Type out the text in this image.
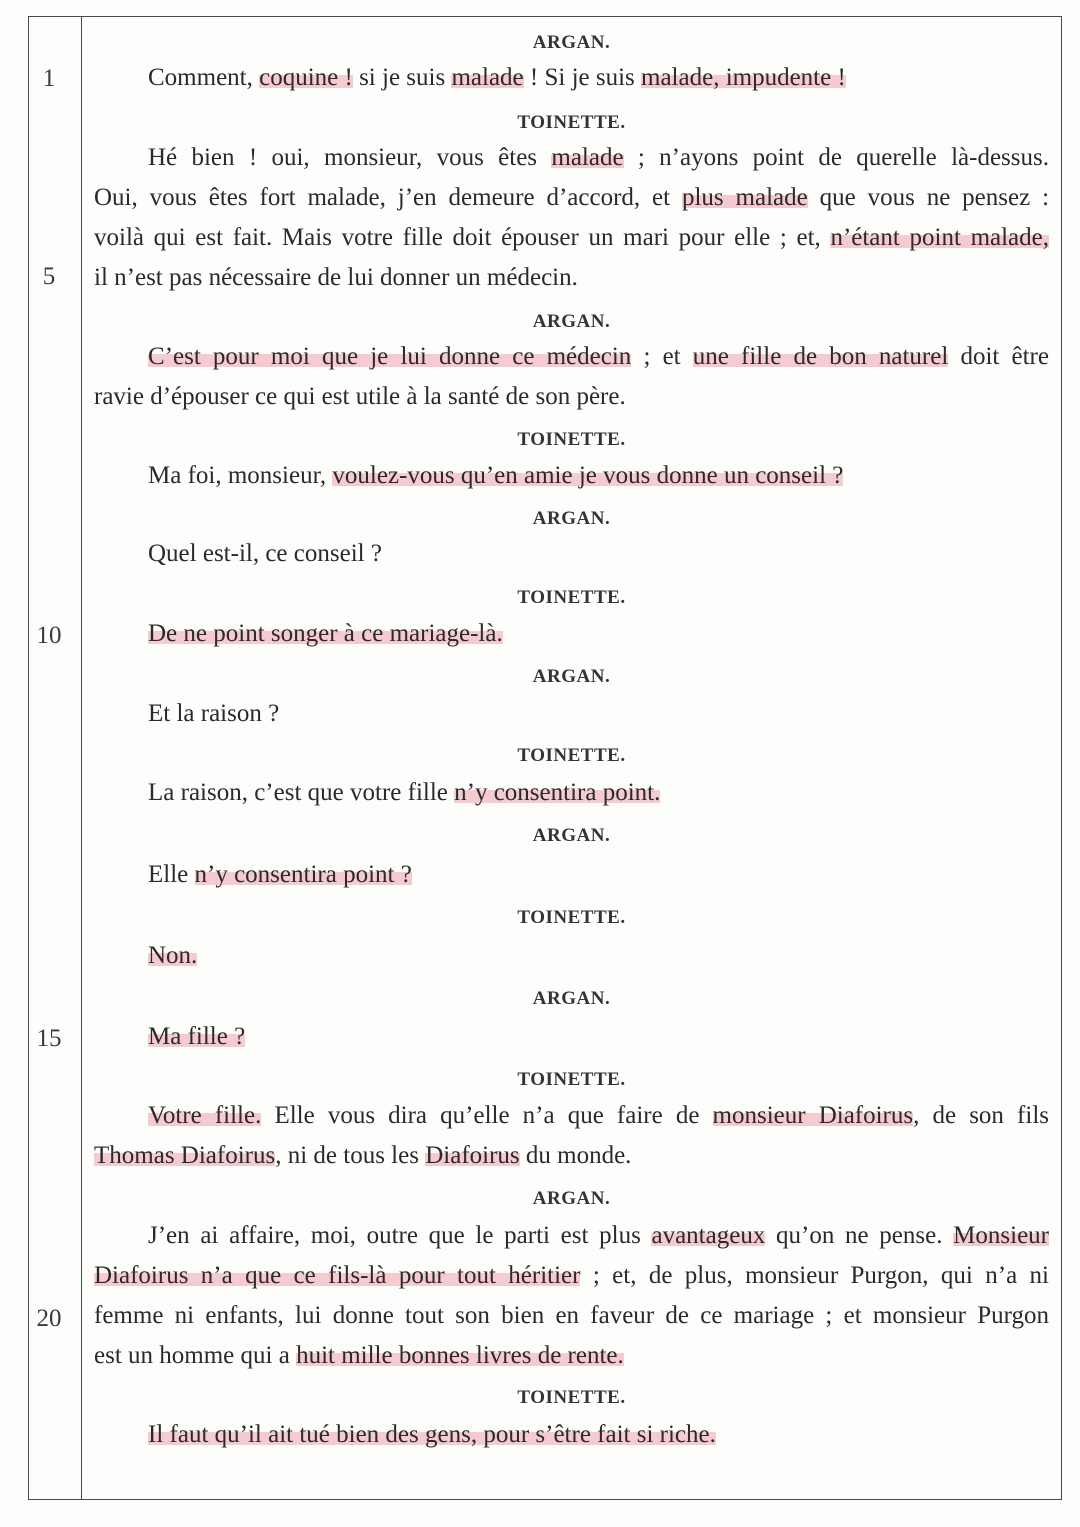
1
5
10
15
20
ARGAN.
Comment, coquine ! si je suis malade ! Si je suis malade, impudente !
TOINETTE.
Hé bien ! oui, monsieur, vous êtes malade ; n’ayons point de querelle là-dessus.
Oui, vous êtes fort malade, j’en demeure d’accord, et plus malade que vous ne pensez :
voilà qui est fait. Mais votre fille doit épouser un mari pour elle ; et, n’étant point malade,
il n’est pas nécessaire de lui donner un médecin.
ARGAN.
C’est pour moi que je lui donne ce médecin ; et une fille de bon naturel doit être
ravie d’épouser ce qui est utile à la santé de son père.
TOINETTE.
Ma foi, monsieur, voulez-vous qu’en amie je vous donne un conseil ?
ARGAN.
Quel est-il, ce conseil ?
TOINETTE.
De ne point songer à ce mariage-là.
ARGAN.
Et la raison ?
TOINETTE.
La raison, c’est que votre fille n’y consentira point.
ARGAN.
Elle n’y consentira point ?
TOINETTE.
Non.
ARGAN.
Ma fille ?
TOINETTE.
Votre fille. Elle vous dira qu’elle n’a que faire de monsieur Diafoirus, de son fils
Thomas Diafoirus, ni de tous les Diafoirus du monde.
ARGAN.
J’en ai affaire, moi, outre que le parti est plus avantageux qu’on ne pense. Monsieur
Diafoirus n’a que ce fils-là pour tout héritier ; et, de plus, monsieur Purgon, qui n’a ni
femme ni enfants, lui donne tout son bien en faveur de ce mariage ; et monsieur Purgon
est un homme qui a huit mille bonnes livres de rente.
TOINETTE.
Il faut qu’il ait tué bien des gens, pour s’être fait si riche.
